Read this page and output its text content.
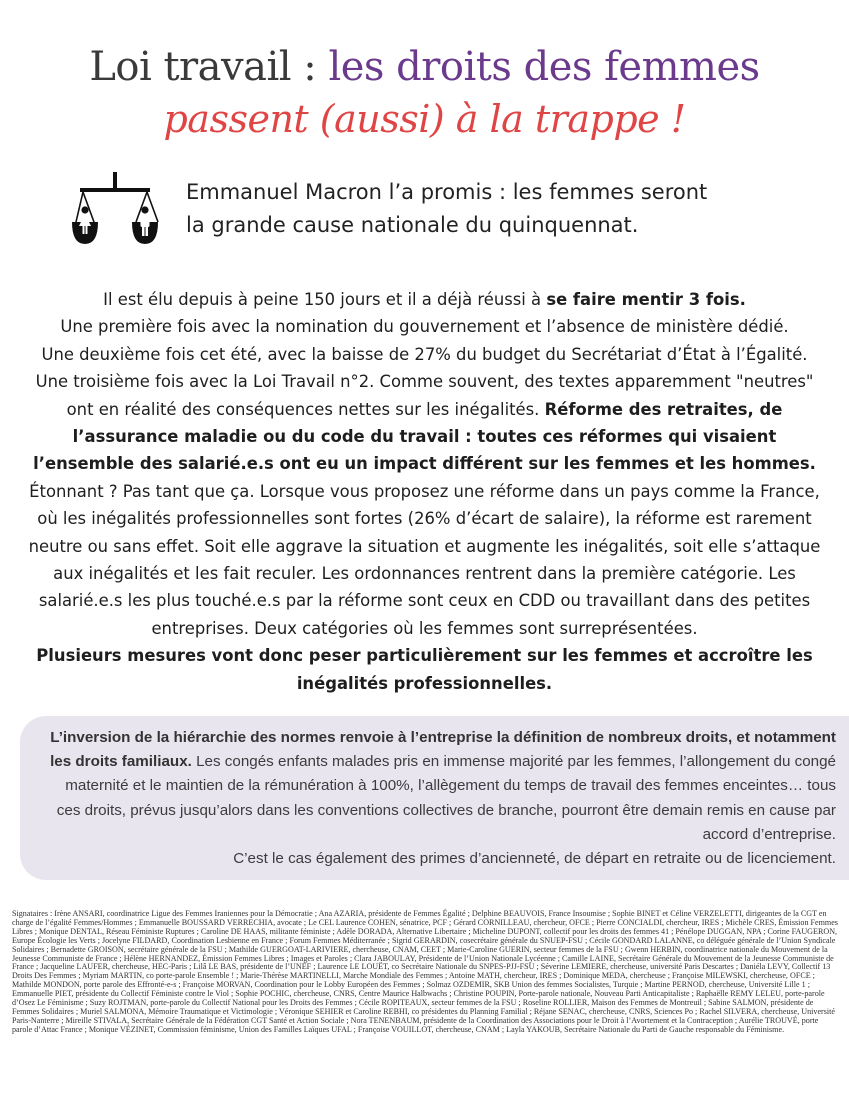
Loi travail : les droits des femmes
passent (aussi) à la trappe !
Emmanuel Macron l’a promis : les femmes seront
la grande cause nationale du quinquennat.

Il est élu depuis à peine 150 jours et il a déjà réussi à se faire mentir 3 fois.

Une première fois avec la nomination du gouvernement et l’absence de ministère dédié.

Une deuxième fois cet été, avec la baisse de 27% du budget du Secrétariat d’État à l’Égalité.

Une troisième fois avec la Loi Travail n°2. Comme souvent, des textes apparemment "neutres" ont en réalité des conséquences nettes sur les inégalités. Réforme des retraites, de l’assurance maladie ou du code du travail : toutes ces réformes qui visaient l’ensemble des salarié.e.s ont eu un impact différent sur les femmes et les hommes.

Étonnant ? Pas tant que ça. Lorsque vous proposez une réforme dans un pays comme la France, où les inégalités professionnelles sont fortes (26% d’écart de salaire), la réforme est rarement neutre ou sans effet. Soit elle aggrave la situation et augmente les inégalités, soit elle s’attaque aux inégalités et les fait reculer. Les ordonnances rentrent dans la première catégorie. Les salarié.e.s les plus touché.e.s par la réforme sont ceux en CDD ou travaillant dans des petites entreprises. Deux catégories où les femmes sont surreprésentées.

Plusieurs mesures vont donc peser particulièrement sur les femmes et accroître les inégalités professionnelles.

L’inversion de la hiérarchie des normes renvoie à l’entreprise la définition de nombreux droits, et notamment les droits familiaux. Les congés enfants malades pris en immense majorité par les femmes, l’allongement du congé maternité et le maintien de la rémunération à 100%, l’allègement du temps de travail des femmes enceintes… tous ces droits, prévus jusqu’alors dans les conventions collectives de branche, pourront être demain remis en cause par accord d’entreprise.

C’est le cas également des primes d’ancienneté, de départ en retraite ou de licenciement.

Signataires : Irène ANSARI, coordinatrice Ligue des Femmes Iraniennes pour la Démocratie ; Ana AZARIA, présidente de Femmes Égalité ; Delphine BEAUVOIS, France Insoumise ; Sophie BINET et Céline VERZELETTI, dirigeantes de la CGT en charge de l’égalité Femmes/Hommes ; Emmanuelle BOUSSARD VERRECHIA, avocate ; Le CEL Laurence COHEN, sénatrice, PCF ; Gérard CORNILLEAU, chercheur, OFCE ; Pierre CONCIALDI, chercheur, IRES ; Michèle CRES, Émission Femmes Libres ; Monique DENTAL, Réseau Féministe Ruptures ; Caroline DE HAAS, militante féministe ; Adèle DORADA, Alternative Libertaire ; Micheline DUPONT, collectif pour les droits des femmes 41 ; Pénélope DUGGAN, NPA ; Corine FAUGERON, Europe Écologie les Verts ; Jocelyne FILDARD, Coordination Lesbienne en France ; Forum Femmes Méditerranée ; Sigrid GERARDIN, cosecrétaire générale du SNUEP-FSU ; Cécile GONDARD LALANNE, co déléguée générale de l’Union Syndicale Solidaires ; Bernadette GROISON, secrétaire générale de la FSU ; Mathilde GUERGOAT-LARIVIERE, chercheuse, CNAM, CEET ; Marie-Caroline GUERIN, secteur femmes de la FSU ; Gwenn HERBIN, coordinatrice nationale du Mouvement de la Jeunesse Communiste de France ; Hélène HERNANDEZ, Émission Femmes Libres ; Images et Paroles ; Clara JABOULAY, Présidente de l’Union Nationale Lycéenne ; Camille LAINE, Secrétaire Générale du Mouvement de la Jeunesse Communiste de France ; Jacqueline LAUFER, chercheuse, HEC-Paris ; Lilâ LE BAS, présidente de l’UNEF ; Laurence LE LOUËT, co Secrétaire Nationale du SNPES-PJJ-FSU ; Séverine LEMIERE, chercheuse, université Paris Descartes ; Daniéla LEVY, Collectif 13 Droits Des Femmes ; Myriam MARTIN, co porte-parole Ensemble ! ; Marie-Thérèse MARTINELLI, Marche Mondiale des Femmes ; Antoine MATH, chercheur, IRES ; Dominique MEDA, chercheuse ; Françoise MILEWSKI, chercheuse, OFCE ; Mathilde MONDON, porte parole des Effronté-e-s ; Françoise MORVAN, Coordination pour le Lobby Européen des Femmes ; Solmaz OZDEMIR, SKB Union des femmes Socialistes, Turquie ; Martine PERNOD, chercheuse, Université Lille 1 ; Emmanuelle PIET, présidente du Collectif Féministe contre le Viol ; Sophie POCHIC, chercheuse, CNRS, Centre Maurice Halbwachs ; Christine POUPIN, Porte-parole nationale, Nouveau Parti Anticapitaliste ; Raphaëlle REMY LELEU, porte-parole d’Osez Le Féminisme ; Suzy ROJTMAN, porte-parole du Collectif National pour les Droits des Femmes ; Cécile ROPITEAUX, secteur femmes de la FSU ; Roseline ROLLIER, Maison des Femmes de Montreuil ; Sabine SALMON, présidente de Femmes Solidaires ; Muriel SALMONA, Mémoire Traumatique et Victimologie ; Véronique SEHIER et Caroline REBHI, co présidentes du Planning Familial ; Réjane SENAC, chercheuse, CNRS, Sciences Po ; Rachel SILVERA, chercheuse, Université Paris-Nanterre ; Mireille STIVALA, Secrétaire Générale de la Fédération CGT Santé et Action Sociale ; Nora TENENBAUM, présidente de la Coordination des Associations pour le Droit à l’Avortement et la Contraception ; Aurélie TROUVÉ, porte parole d’Attac France ; Monique VÉZINET, Commission féminisme, Union des Familles Laïques UFAL ; Françoise VOUILLOT, chercheuse, CNAM ; Layla YAKOUB, Secrétaire Nationale du Parti de Gauche responsable du Féminisme.
